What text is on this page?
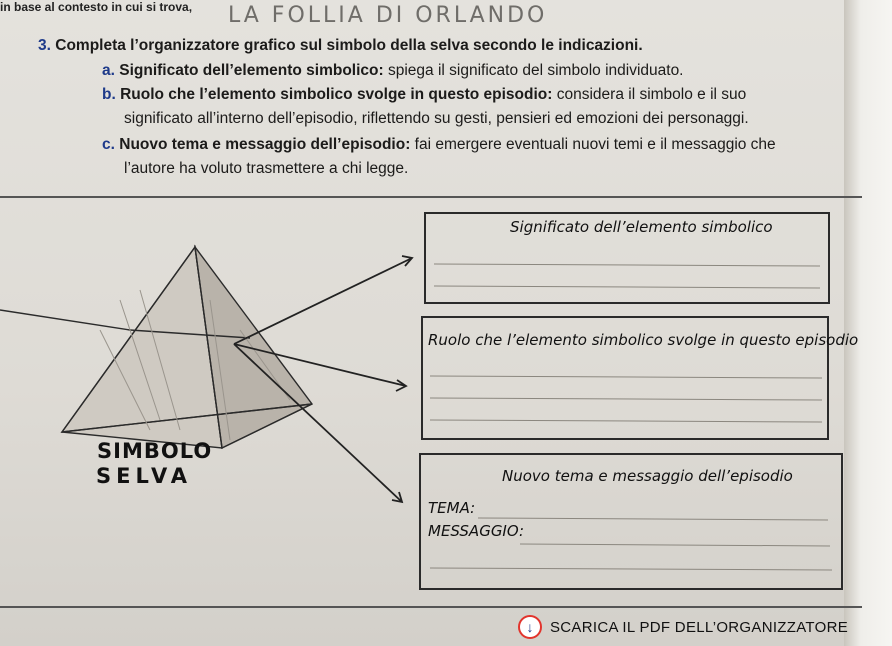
in base al contesto in cui si trova, LA FOLLIA DI ORLANDO
3. Completa l’organizzatore grafico sul simbolo della selva secondo le indicazioni.
a. Significato dell’elemento simbolico: spiega il significato del simbolo individuato.
b. Ruolo che l’elemento simbolico svolge in questo episodio: considera il simbolo e il suo
significato all’interno dell’episodio, riflettendo su gesti, pensieri ed emozioni dei personaggi.
c. Nuovo tema e messaggio dell’episodio: fai emergere eventuali nuovi temi e il messaggio che
l’autore ha voluto trasmettere a chi legge.
Significato dell’elemento simbolico
Ruolo che l’elemento simbolico svolge in questo episodio
Nuovo tema e messaggio dell’episodio
TEMA:
MESSAGGIO:
SIMBOLO
SELVA
↓	SCARICA IL PDF DELL’ORGANIZZATORE
